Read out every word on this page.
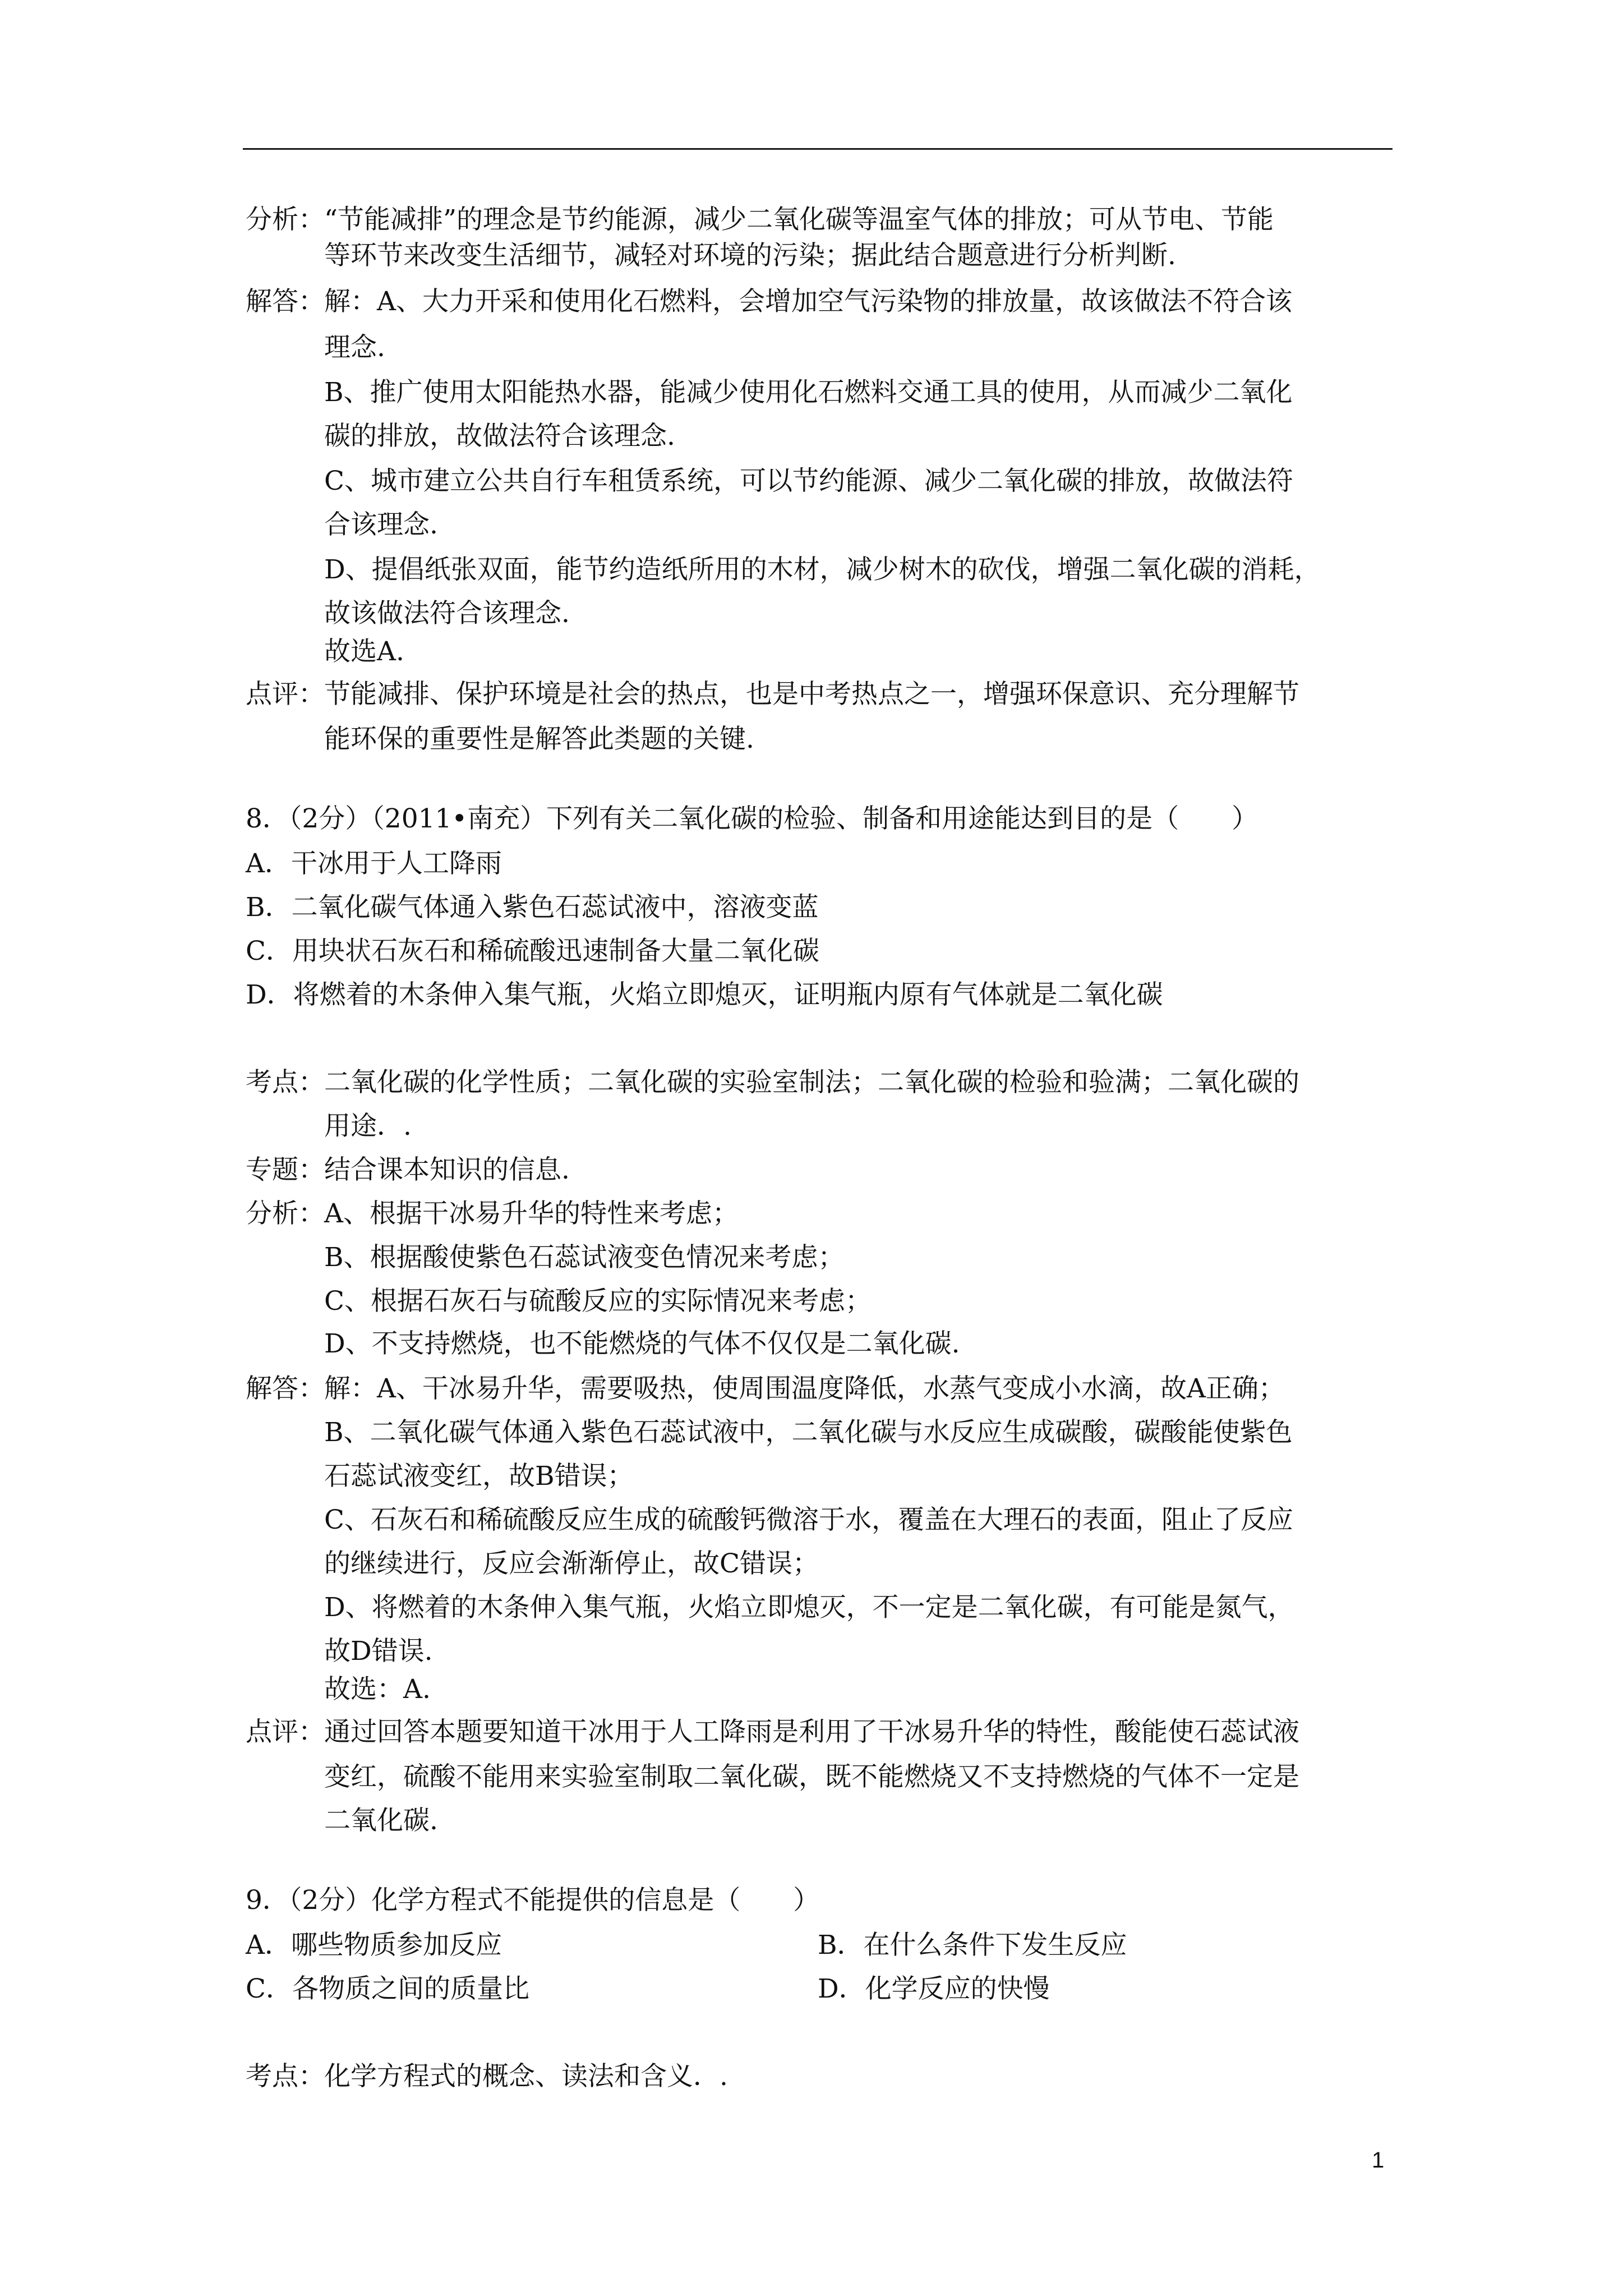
分析： “节能减排”的理念是节约能源，减少二氧化碳等温室气体的排放；可从节电、节能
等环节来改变生活细节，减轻对环境的污染；据此结合题意进行分析判断.
解答： 解：A、大力开采和使用化石燃料，会增加空气污染物的排放量，故该做法不符合该
理念.
B、推广使用太阳能热水器，能减少使用化石燃料交通工具的使用，从而减少二氧化
碳的排放，故做法符合该理念.
C、城市建立公共自行车租赁系统，可以节约能源、减少二氧化碳的排放，故做法符
合该理念.
D、提倡纸张双面，能节约造纸所用的木材，减少树木的砍伐，增强二氧化碳的消耗，
故该做法符合该理念.
故选A.
点评： 节能减排、保护环境是社会的热点，也是中考热点之一，增强环保意识、充分理解节
能环保的重要性是解答此类题的关键.
8．（2分）（2011•南充）下列有关二氧化碳的检验、制备和用途能达到目的是（　　）
A．干冰用于人工降雨
B．二氧化碳气体通入紫色石蕊试液中，溶液变蓝
C．用块状石灰石和稀硫酸迅速制备大量二氧化碳
D．将燃着的木条伸入集气瓶，火焰立即熄灭，证明瓶内原有气体就是二氧化碳
考点： 二氧化碳的化学性质；二氧化碳的实验室制法；二氧化碳的检验和验满；二氧化碳的
用途．.
专题： 结合课本知识的信息.
分析： A、根据干冰易升华的特性来考虑；
B、根据酸使紫色石蕊试液变色情况来考虑；
C、根据石灰石与硫酸反应的实际情况来考虑；
D、不支持燃烧，也不能燃烧的气体不仅仅是二氧化碳.
解答： 解：A、干冰易升华，需要吸热，使周围温度降低，水蒸气变成小水滴，故A正确；
B、二氧化碳气体通入紫色石蕊试液中，二氧化碳与水反应生成碳酸，碳酸能使紫色
石蕊试液变红，故B错误；
C、石灰石和稀硫酸反应生成的硫酸钙微溶于水，覆盖在大理石的表面，阻止了反应
的继续进行，反应会渐渐停止，故C错误；
D、将燃着的木条伸入集气瓶，火焰立即熄灭，不一定是二氧化碳，有可能是氮气，
故D错误.
故选：A.
点评： 通过回答本题要知道干冰用于人工降雨是利用了干冰易升华的特性，酸能使石蕊试液
变红，硫酸不能用来实验室制取二氧化碳，既不能燃烧又不支持燃烧的气体不一定是
二氧化碳.
9．（2分）化学方程式不能提供的信息是（　　）
A．哪些物质参加反应	B．在什么条件下发生反应
C．各物质之间的质量比	D．化学反应的快慢
考点： 化学方程式的概念、读法和含义．.
1
